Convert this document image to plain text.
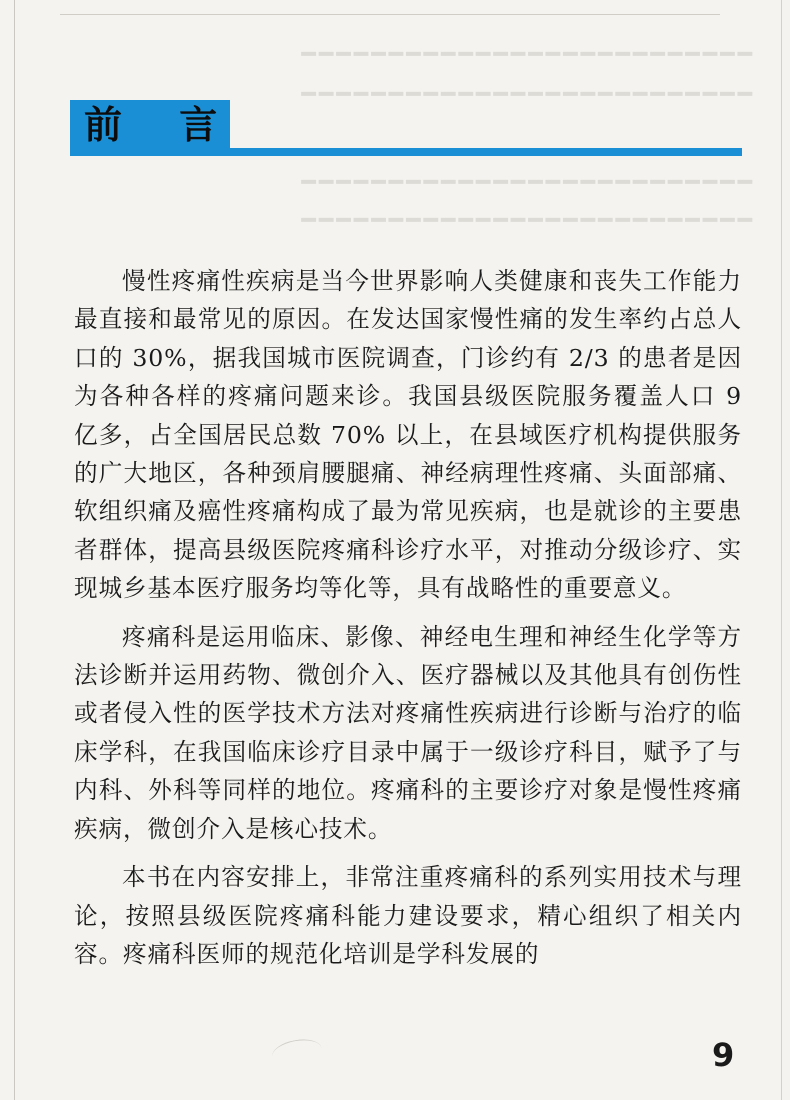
━━━━━━━━━━━━━━━━━━━━━━━━━━
━━━━━━━━━━━━━━━━━━━━━━━━━━
━━━━━━━━━━━━━━━━━━━━━━━━━━
━━━━━━━━━━━━━━━━━━━━━━━━━━
前 言

慢性疼痛性疾病是当今世界影响人类健康和丧失工作能力最直接和最常见的原因。在发达国家慢性痛的发生率约占总人口的 30%，据我国城市医院调查，门诊约有 2/3 的患者是因为各种各样的疼痛问题来诊。我国县级医院服务覆盖人口 9 亿多，占全国居民总数 70% 以上，在县域医疗机构提供服务的广大地区，各种颈肩腰腿痛、神经病理性疼痛、头面部痛、软组织痛及癌性疼痛构成了最为常见疾病，也是就诊的主要患者群体，提高县级医院疼痛科诊疗水平，对推动分级诊疗、实现城乡基本医疗服务均等化等，具有战略性的重要意义。

疼痛科是运用临床、影像、神经电生理和神经生化学等方法诊断并运用药物、微创介入、医疗器械以及其他具有创伤性或者侵入性的医学技术方法对疼痛性疾病进行诊断与治疗的临床学科，在我国临床诊疗目录中属于一级诊疗科目，赋予了与内科、外科等同样的地位。疼痛科的主要诊疗对象是慢性疼痛疾病，微创介入是核心技术。

本书在内容安排上，非常注重疼痛科的系列实用技术与理论，按照县级医院疼痛科能力建设要求，精心组织了相关内容。疼痛科医师的规范化培训是学科发展的

9
